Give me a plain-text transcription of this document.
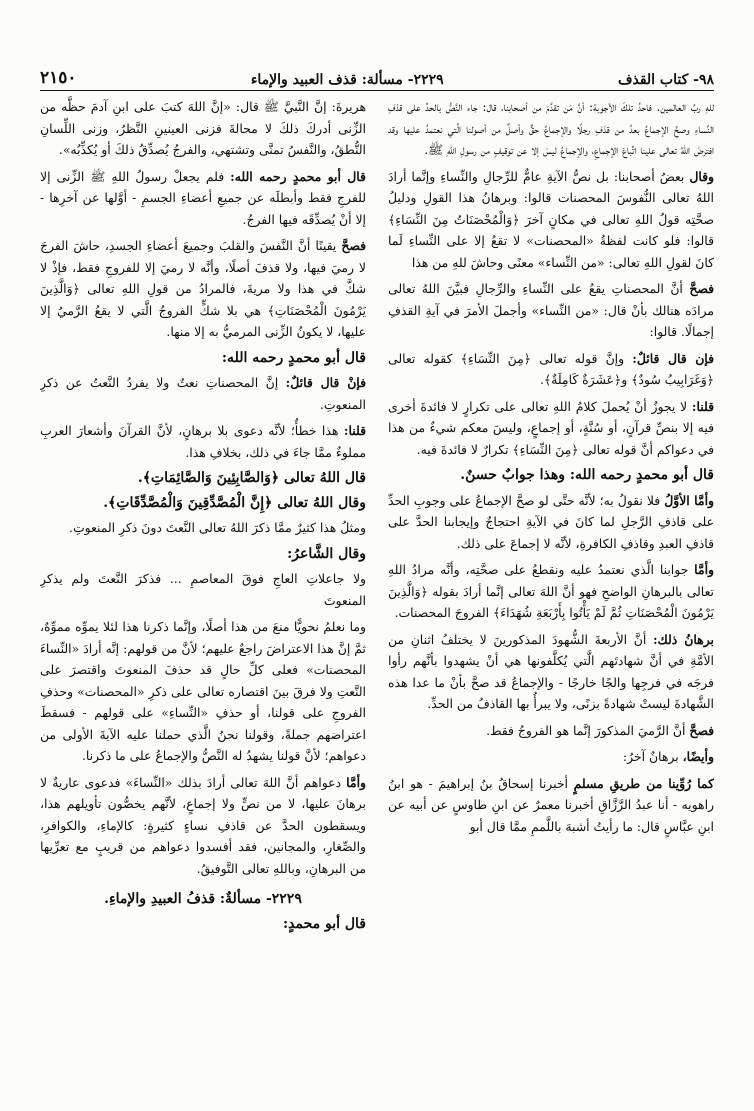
٩٨- كتاب القذف
٢٢٢٩- مسألة: قذف العبيد والإماء
٢١٥٠

للهِ ربِّ العالمين. فاحدُ تلكَ الأجوبة: أنَّ مَن تقدَّمَ من أصحابنا، قال: جاء النَّصُّ بالحدِّ على قذفِ النِّساءِ وصحَّ الإجماعُ بعدُ من قذفِ رجلًا والإجماعُ حقٌّ وأصلٌ من أصولنا الَّتي نعتمدُ عليها وقد افترضَ اللهُ تعالى علينا اتِّباعَ الإجماعِ، والإجماعُ ليسَ إلا عن توقيفٍ من رسولِ اللهِ ﷺ.

وقال بعضُ أصحابنا: بل نصُّ الآيةِ عامٌّ للرِّجالِ والنِّساءِ وإنَّما أرادَ اللهُ تعالى النُّفوسَ المحصنات قالوا: وبرهانُ هذا القولِ ودليلُ صحَّتِه قولُ اللهِ تعالى في مكانٍ آخرَ ﴿وَالْمُحْصَنَاتُ مِنَ النِّسَاءِ﴾ قالوا: فلو كانت لفظةُ «المحصنات» لا تقعُ إلا على النِّساءِ لَما كانَ لقولِ اللهِ تعالى: «من النِّساء» معنًى وحاشَ للهِ من هذا

فصحَّ أنَّ المحصناتِ يقعُ على النِّساءِ والرِّجالِ فبيَّنَ اللهُ تعالى مرادَه هنالك بأنْ قال: «من النِّساء» وأجملَ الأمرَ في آيةِ القذفِ إجمالًا. قالوا:

فإن قال قائلٌ: وإنَّ قوله تعالى ﴿مِنَ النِّسَاءِ﴾ كقوله تعالى ﴿وَغَرَابِيبُ سُودٌ﴾ و﴿عَشَرَةٌ كَامِلَةٌ﴾.

قلنا: لا يجوزُ أنْ يُحملَ كلامُ اللهِ تعالى على تكرارٍ لا فائدةَ أخرى فيه إلا بنصِّ قرآنٍ، أو سُنَّةٍ، أو إجماعٍ، وليسَ معكم شيءٌ من هذا في دعواكم أنَّ قوله تعالى ﴿مِنَ النِّسَاءِ﴾ تكرارٌ لا فائدةَ فيه.

قال أبو محمدٍ رحمه الله: وهذا جوابٌ حسنٌ.

وأمَّا الأوَّلُ فلا نقولُ به؛ لأنَّه حتَّى لو صحَّ الإجماعُ على وجوبِ الحدِّ على قاذفِ الرَّجلِ لما كانَ في الآيةِ احتجاجٌ وإيجابنا الحدَّ على قاذفِ العبدِ وقاذفِ الكافرةِ، لأنَّه لا إجماعَ على ذلك.

وأمَّا جوابنا الَّذي نعتمدُ عليه ونقطعُ على صحَّتِه، وأنَّه مرادُ اللهِ تعالى بالبرهانِ الواضحِ فهو أنَّ اللهَ تعالى إنَّما أرادَ بقوله ﴿وَالَّذِينَ يَرْمُونَ الْمُحْصَنَاتِ ثُمَّ لَمْ يَأْتُوا بِأَرْبَعَةِ شُهَدَاءَ﴾ الفروجَ المحصنات.

برهانُ ذلك: أنَّ الأربعةَ الشُّهودَ المذكورينَ لا يختلفُ اثنانِ من الأمَّةِ في أنَّ شهادتَهم الَّتي يُكلَّفونها هي أنْ يشهدوا بأنَّهم رأوا فرجَه في فرجِها والجًا خارجًا - والإجماعُ قد صحَّ بأنْ ما عدا هذه الشَّهادةَ ليستْ شهادةً بزنًى، ولا يبرأُ بها القاذفُ من الحدِّ.

فصحَّ أنَّ الرَّميَ المذكورَ إنَّما هو الفروجُ فقط.

وأيضًا، برهانٌ آخرُ:

كما رُوِّينا من طريقِ مسلمٍ أخبرنا إسحاقُ بنُ إبراهيمَ - هو ابنُ راهويه - أنا عبدُ الرَّزَّاقِ أخبرنا معمرٌ عن ابنِ طاوسٍ عن أبيه عن ابنِ عبَّاسٍ قال: ما رأيتُ أشبهَ باللَّممِ ممَّا قال أبو

هريرةَ: إنَّ النَّبيَّ ﷺ قال: «إنَّ اللهَ كتبَ على ابنِ آدمَ حظَّه من الزِّنى أدركَ ذلكَ لا محالةَ فزنى العينينِ النَّظرُ، وزنى اللِّسانِ النُّطقُ، والنَّفسُ تمنَّى وتشتهي، والفرجُ يُصدِّقُ ذلكَ أو يُكذِّبُه».

قال أبو محمدٍ رحمه الله: فلم يجعلْ رسولُ اللهِ ﷺ الزِّنى إلا للفرجِ فقط وأبطلَه عن جميعِ أعضاءِ الجسمِ - أوَّلها عن آخرِها - إلا أنْ يُصدِّقَه فيها الفرجُ.

فصحَّ يقينًا أنَّ النَّفسَ والقلبَ وجميعَ أعضاءِ الجسدِ، حاشَ الفرجَ لا رميَ فيها، ولا قذفَ أصلًا، وأنَّه لا رميَ إلا للفروجِ فقط، فإذْ لا شكَّ في هذا ولا مريةَ، فالمرادُ من قولِ اللهِ تعالى ﴿وَالَّذِينَ يَرْمُونَ الْمُحْصَنَاتِ﴾ هي بلا شكٍّ الفروجُ الَّتي لا يقعُ الرَّميُ إلا عليها، لا يكونُ الزِّنى المرميُّ به إلا منها.

قال أبو محمدٍ رحمه الله:

فإنْ قال قائلٌ: إنَّ المحصناتِ نعتٌ ولا يفردُ النَّعتُ عن ذكرِ المنعوتِ.

قلنا: هذا خطأٌ؛ لأنَّه دعوى بلا برهانٍ، لأنَّ القرآنَ وأشعارَ العربِ مملوءٌ ممَّا جاءَ في ذلك، بخلافِ هذا.

قال اللهُ تعالى ﴿وَالصَّابِئِينَ وَالصَّائِمَاتِ﴾.
وقال اللهُ تعالى ﴿إِنَّ الْمُصَّدِّقِينَ وَالْمُصَّدِّقَاتِ﴾.

ومثلُ هذا كثيرٌ ممَّا ذكرَ اللهُ تعالى النَّعتَ دونَ ذكرِ المنعوتِ.

وقال الشَّاعرُ:

ولا جاعلاتِ العاجِ فوقَ المعاصمِ ... فذكرَ النَّعتَ ولم يذكرِ المنعوتَ

وما نعلمُ نحويًّا منعَ من هذا أصلًا، وإنَّما ذكرنا هذا لئلا يموِّه مموِّهٌ، ثمَّ إنَّ هذا الاعتراضَ راجعٌ عليهم؛ لأنَّ من قولهم: إنَّه أرادَ «النِّساءَ المحصنات» فعلى كلِّ حالٍ قد حذفَ المنعوتَ واقتصرَ على النَّعتِ ولا فرقَ بينَ اقتصاره تعالى على ذكرِ «المحصنات» وحذفِ الفروجِ على قولنا، أو حذفِ «النِّساءِ» على قولهم - فسقطَ اعتراضهم جملةً، وقولنا نحنُ الَّذي حملنا عليه الآيةَ الأولى من دعواهم؛ لأنَّ قولنا يشهدُ له النَّصُّ والإجماعُ على ما ذكرنا.

وأمَّا دعواهم أنَّ اللهَ تعالى أرادَ بذلك «النِّساءَ» فدعوى عاريةٌ لا برهانَ عليها، لا من نصٍّ ولا إجماعٍ، لأنَّهم يخصُّون تأويلهم هذا، ويسقطون الحدَّ عن قاذفِ نساءٍ كثيرةٍ: كالإماءِ، والكوافرِ، والصِّغارِ، والمجانين، فقد أفسدوا دعواهم من قريبٍ مع تعرِّيها من البرهانِ، وباللهِ تعالى التَّوفيقُ.

٢٢٢٩- مسألةٌ: قذفُ العبيدِ والإماءِ.
قال أبو محمدٍ:
